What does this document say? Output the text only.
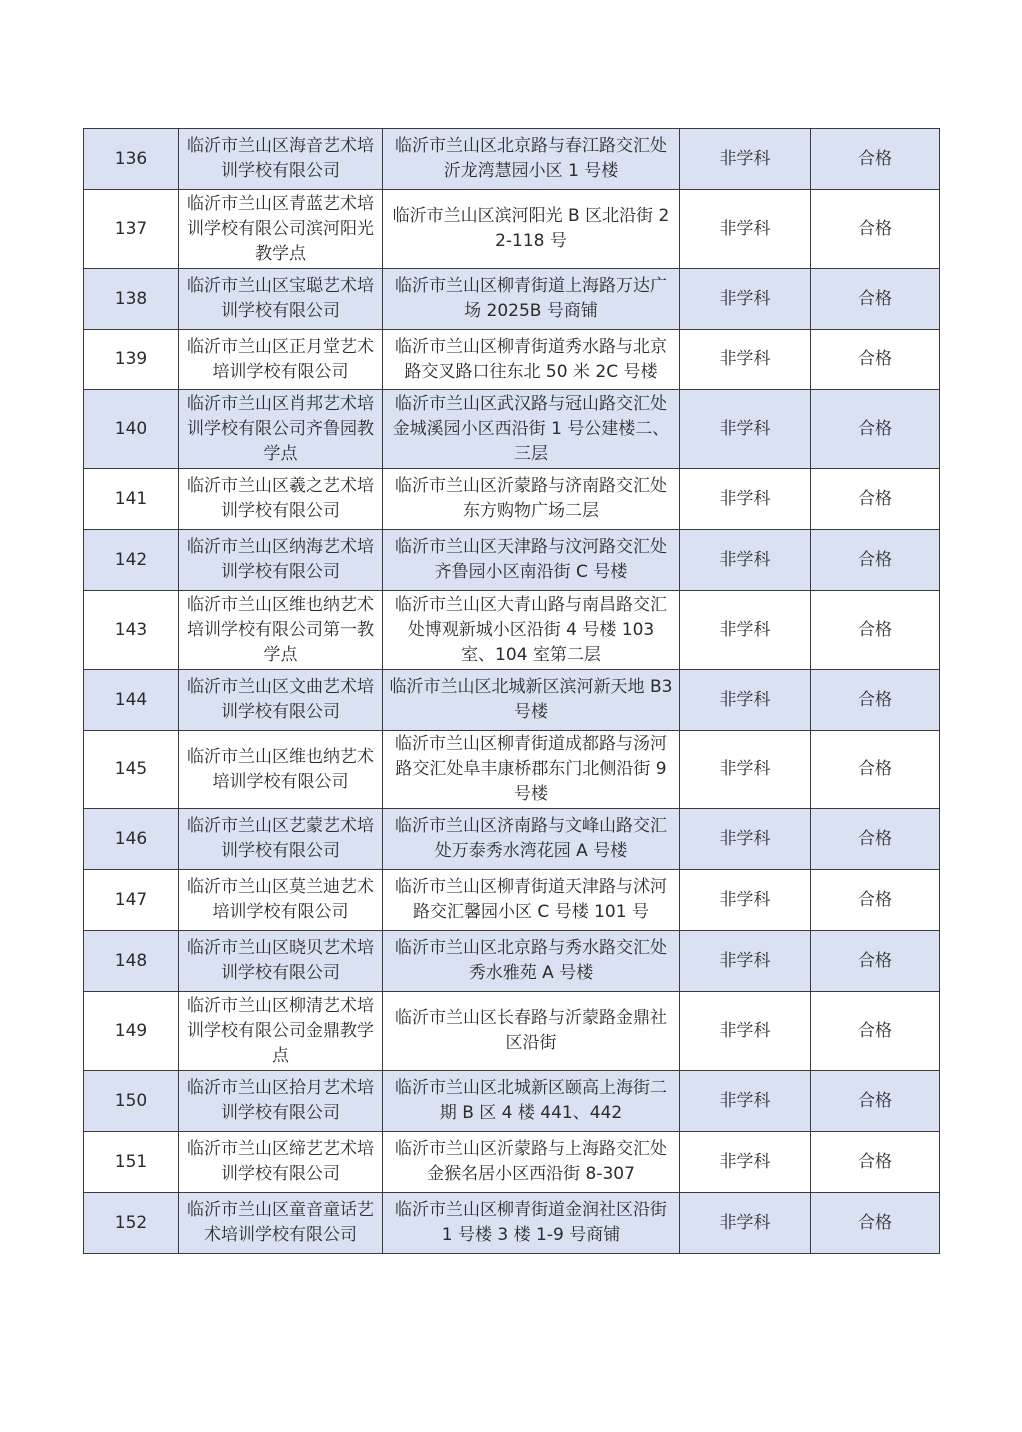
136	临沂市兰山区海音艺术培训学校有限公司	临沂市兰山区北京路与春江路交汇处沂龙湾慧园小区 1 号楼	非学科	合格
137	临沂市兰山区青蓝艺术培训学校有限公司滨河阳光教学点	临沂市兰山区滨河阳光 B 区北沿街 22-118 号	非学科	合格
138	临沂市兰山区宝聪艺术培训学校有限公司	临沂市兰山区柳青街道上海路万达广场 2025B 号商铺	非学科	合格
139	临沂市兰山区正月堂艺术培训学校有限公司	临沂市兰山区柳青街道秀水路与北京路交叉路口往东北 50 米 2C 号楼	非学科	合格
140	临沂市兰山区肖邦艺术培训学校有限公司齐鲁园教学点	临沂市兰山区武汉路与冠山路交汇处金城溪园小区西沿街 1 号公建楼二、三层	非学科	合格
141	临沂市兰山区羲之艺术培训学校有限公司	临沂市兰山区沂蒙路与济南路交汇处东方购物广场二层	非学科	合格
142	临沂市兰山区纳海艺术培训学校有限公司	临沂市兰山区天津路与汶河路交汇处齐鲁园小区南沿街 C 号楼	非学科	合格
143	临沂市兰山区维也纳艺术培训学校有限公司第一教学点	临沂市兰山区大青山路与南昌路交汇处博观新城小区沿街 4 号楼 103 室、104 室第二层	非学科	合格
144	临沂市兰山区文曲艺术培训学校有限公司	临沂市兰山区北城新区滨河新天地 B3 号楼	非学科	合格
145	临沂市兰山区维也纳艺术培训学校有限公司	临沂市兰山区柳青街道成都路与汤河路交汇处阜丰康桥郡东门北侧沿街 9 号楼	非学科	合格
146	临沂市兰山区艺蒙艺术培训学校有限公司	临沂市兰山区济南路与文峰山路交汇处万泰秀水湾花园 A 号楼	非学科	合格
147	临沂市兰山区莫兰迪艺术培训学校有限公司	临沂市兰山区柳青街道天津路与沭河路交汇馨园小区 C 号楼 101 号	非学科	合格
148	临沂市兰山区晓贝艺术培训学校有限公司	临沂市兰山区北京路与秀水路交汇处秀水雅苑 A 号楼	非学科	合格
149	临沂市兰山区柳清艺术培训学校有限公司金鼎教学点	临沂市兰山区长春路与沂蒙路金鼎社区沿街	非学科	合格
150	临沂市兰山区拾月艺术培训学校有限公司	临沂市兰山区北城新区颐高上海街二期 B 区 4 楼 441、442	非学科	合格
151	临沂市兰山区缔艺艺术培训学校有限公司	临沂市兰山区沂蒙路与上海路交汇处金猴名居小区西沿街 8-307	非学科	合格
152	临沂市兰山区童音童话艺术培训学校有限公司	临沂市兰山区柳青街道金润社区沿街 1 号楼 3 楼 1-9 号商铺	非学科	合格
